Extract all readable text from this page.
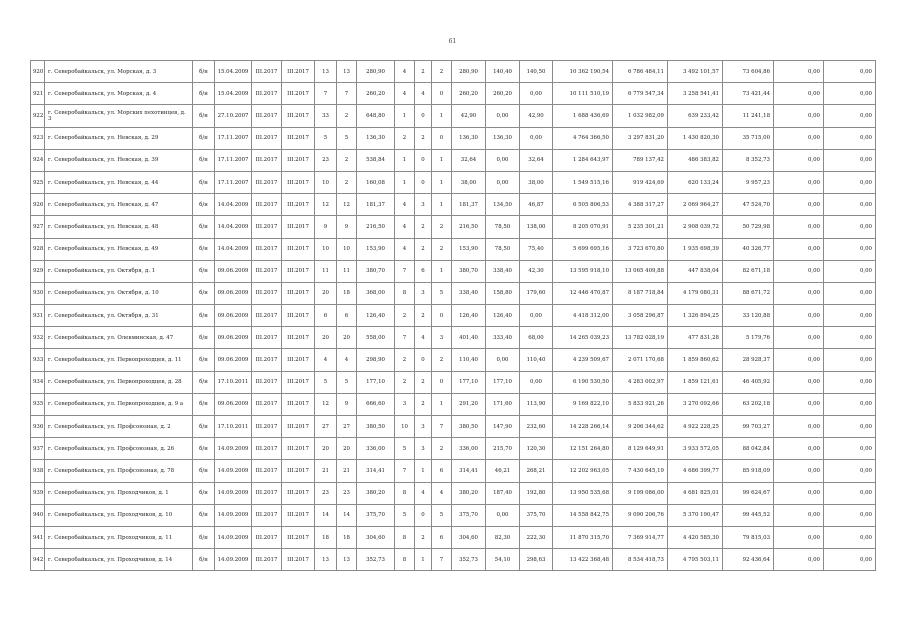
61
920	г. Северобайкальск, ул. Морская, д. 3	б/н	15.04.2009	III.2017	III.2017	13	13	280,90	4	2	2	280,90	140,40	140,50	10 362 190,54	6 786 484,11	3 492 101,57	73 604,86	0,00	0,00
921	г. Северобайкальск, ул. Морская, д. 4	б/н	15.04.2009	III.2017	III.2017	7	7	260,20	4	4	0	260,20	260,20	0,00	10 111 510,19	6 779 547,34	3 258 541,41	73 421,44	0,00	0,00
922	г. Северобайкальск, ул. Морских пехотинцев, д. 3	б/н	27.10.2007	III.2017	III.2017	33	2	648,80	1	0	1	42,90	0,00	42,90	1 688 436,69	1 032 982,09	639 233,42	11 241,18	0,00	0,00
923	г. Северобайкальск, ул. Невская, д. 29	б/н	17.11.2007	III.2017	III.2017	5	5	136,30	2	2	0	136,30	136,30	0,00	4 764 366,50	3 297 831,20	1 430 820,30	35 715,00	0,00	0,00
924	г. Северобайкальск, ул. Невская, д. 39	б/н	17.11.2007	III.2017	III.2017	23	2	538,84	1	0	1	32,64	0,00	32,64	1 284 643,97	789 137,42	486 383,82	8 352,73	0,00	0,00
925	г. Северобайкальск, ул. Невская, д. 44	б/н	17.11.2007	III.2017	III.2017	10	2	160,08	1	0	1	38,00	0,00	38,00	1 549 515,16	919 424,69	620 133,24	9 957,23	0,00	0,00
926	г. Северобайкальск, ул. Невская, д. 47	б/н	14.04.2009	III.2017	III.2017	12	12	181,37	4	3	1	181,37	134,50	46,87	6 505 806,53	4 388 317,27	2 069 964,27	47 524,70	0,00	0,00
927	г. Северобайкальск, ул. Невская, д. 48	б/н	14.04.2009	III.2017	III.2017	9	9	216,50	4	2	2	216,50	78,50	138,00	8 205 070,91	5 235 301,21	2 908 039,72	50 729,98	0,00	0,00
928	г. Северобайкальск, ул. Невская, д. 49	б/н	14.04.2009	III.2017	III.2017	10	10	153,90	4	2	2	153,90	78,50	75,40	5 699 695,16	3 723 670,80	1 935 698,39	40 326,77	0,00	0,00
929	г. Северобайкальск, ул. Октября, д. 1	б/н	09.06.2009	III.2017	III.2017	11	11	380,70	7	6	1	380,70	338,40	42,30	13 595 918,10	13 065 409,88	447 838,04	82 671,18	0,00	0,00
930	г. Северобайкальск, ул. Октября, д. 10	б/н	09.06.2009	III.2017	III.2017	20	18	368,00	8	3	5	338,40	158,80	179,60	12 446 470,87	8 187 718,84	4 179 080,31	88 671,72	0,00	0,00
931	г. Северобайкальск, ул. Октября, д. 31	б/н	09.06.2009	III.2017	III.2017	6	6	126,40	2	2	0	126,40	126,40	0,00	4 418 312,00	3 058 296,87	1 326 894,25	33 120,88	0,00	0,00
932	г. Северобайкальск, ул. Олекминская, д. 47	б/н	09.06.2009	III.2017	III.2017	20	20	558,00	7	4	3	401,40	333,40	68,00	14 265 039,23	13 782 028,19	477 831,28	5 179,76	0,00	0,00
933	г. Северобайкальск, ул. Первопроходцев, д. 11	б/н	09.06.2009	III.2017	III.2017	4	4	298,90	2	0	2	110,40	0,00	110,40	4 239 509,67	2 071 170,68	1 859 860,62	28 928,37	0,00	0,00
934	г. Северобайкальск, ул. Первопроходцев, д. 28	б/н	17.10.2011	III.2017	III.2017	5	5	177,10	2	2	0	177,10	177,10	0,00	6 190 530,50	4 283 002,97	1 859 121,61	46 405,92	0,00	0,00
935	г. Северобайкальск, ул. Первопроходцев, д. 9 а	б/н	09.06.2009	III.2017	III.2017	12	9	666,60	3	2	1	291,20	171,60	113,90	9 169 822,10	5 833 921,26	3 270 092,66	63 202,18	0,00	0,00
936	г. Северобайкальск, ул. Профсоюзная, д. 2	б/н	17.10.2011	III.2017	III.2017	27	27	380,50	10	3	7	380,50	147,90	232,60	14 228 266,14	9 206 344,62	4 922 228,25	99 703,27	0,00	0,00
937	г. Северобайкальск, ул. Профсоюзная, д. 26	б/н	14.09.2009	III.2017	III.2017	20	20	336,00	5	3	2	336,00	215,70	120,30	12 151 264,80	8 129 649,91	3 933 572,05	88 042,84	0,00	0,00
938	г. Северобайкальск, ул. Профсоюзная, д. 78	б/н	14.09.2009	III.2017	III.2017	21	21	314,41	7	1	6	314,41	46,21	268,21	12 202 963,05	7 430 645,19	4 686 399,77	85 918,09	0,00	0,00
939	г. Северобайкальск, ул. Проходчиков, д. 1	б/н	14.09.2009	III.2017	III.2017	23	23	380,20	8	4	4	380,20	187,40	192,80	13 950 535,68	9 199 086,00	4 681 825,01	99 624,67	0,00	0,00
940	г. Северобайкальск, ул. Проходчиков, д. 10	б/н	14.09.2009	III.2017	III.2017	14	14	375,70	5	0	5	375,70	0,00	375,70	14 558 842,75	9 090 206,76	5 370 190,47	99 445,52	0,00	0,00
941	г. Северобайкальск, ул. Проходчиков, д. 11	б/н	14.09.2009	III.2017	III.2017	18	18	304,60	8	2	6	304,60	82,30	222,30	11 870 315,70	7 369 914,77	4 420 585,30	79 815,03	0,00	0,00
942	г. Северобайкальск, ул. Проходчиков, д. 14	б/н	14.09.2009	III.2017	III.2017	13	13	352,73	8	1	7	352,73	54,10	298,63	13 422 368,48	8 534 418,73	4 795 503,11	92 436,64	0,00	0,00
